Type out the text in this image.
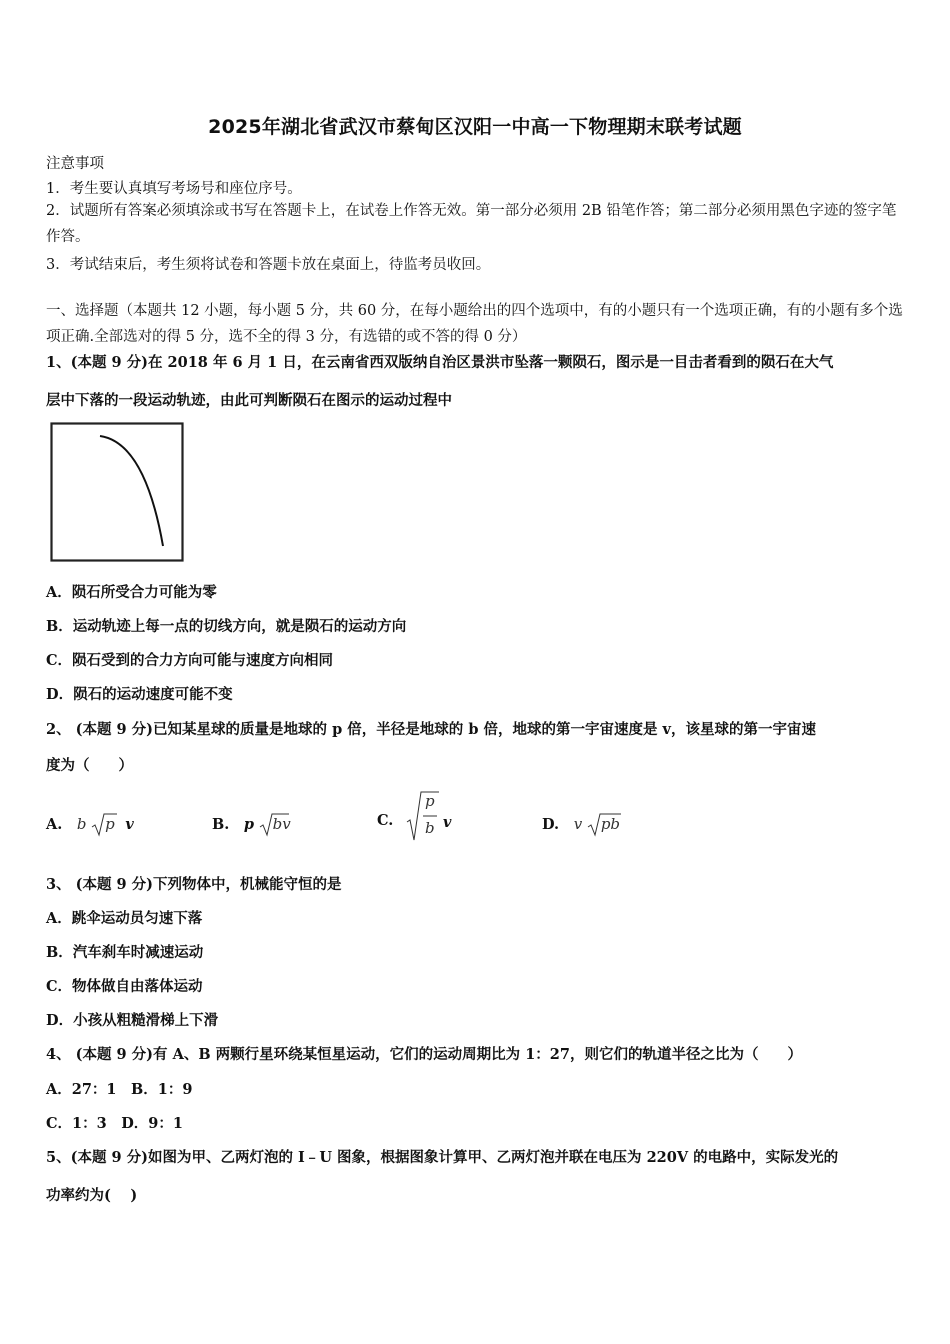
2025年湖北省武汉市蔡甸区汉阳一中高一下物理期末联考试题
注意事项
1．考生要认真填写考场号和座位序号。
2．试题所有答案必须填涂或书写在答题卡上，在试卷上作答无效。第一部分必须用 2B 铅笔作答；第二部分必须用黑色字迹的签字笔作答。
3．考试结束后，考生须将试卷和答题卡放在桌面上，待监考员收回。
一、选择题（本题共 12 小题，每小题 5 分，共 60 分，在每小题给出的四个选项中，有的小题只有一个选项正确，有的小题有多个选项正确.全部选对的得 5 分，选不全的得 3 分，有选错的或不答的得 0 分）
1、(本题 9 分)在 2018 年 6 月 1 日，在云南省西双版纳自治区景洪市坠落一颗陨石，图示是一目击者看到的陨石在大气
层中下落的一段运动轨迹，由此可判断陨石在图示的运动过程中
A．陨石所受合力可能为零
B．运动轨迹上每一点的切线方向，就是陨石的运动方向
C．陨石受到的合力方向可能与速度方向相同
D．陨石的运动速度可能不变
2、 (本题 9 分)已知某星球的质量是地球的 p 倍，半径是地球的 b 倍，地球的第一宇宙速度是 v，该星球的第一宇宙速
度为（　　）
A. b p v	B. p bv	C.
p
b v	D. v pb
3、 (本题 9 分)下列物体中，机械能守恒的是
A．跳伞运动员匀速下落
B．汽车刹车时减速运动
C．物体做自由落体运动
D．小孩从粗糙滑梯上下滑
4、 (本题 9 分)有 A、B 两颗行星环绕某恒星运动，它们的运动周期比为 1：27，则它们的轨道半径之比为（　　）
A．27：1　B．1：9
C．1：3　D．9：1
5、(本题 9 分)如图为甲、乙两灯泡的 I﹣U 图象，根据图象计算甲、乙两灯泡并联在电压为 220V 的电路中，实际发光的
功率约为(　 )
